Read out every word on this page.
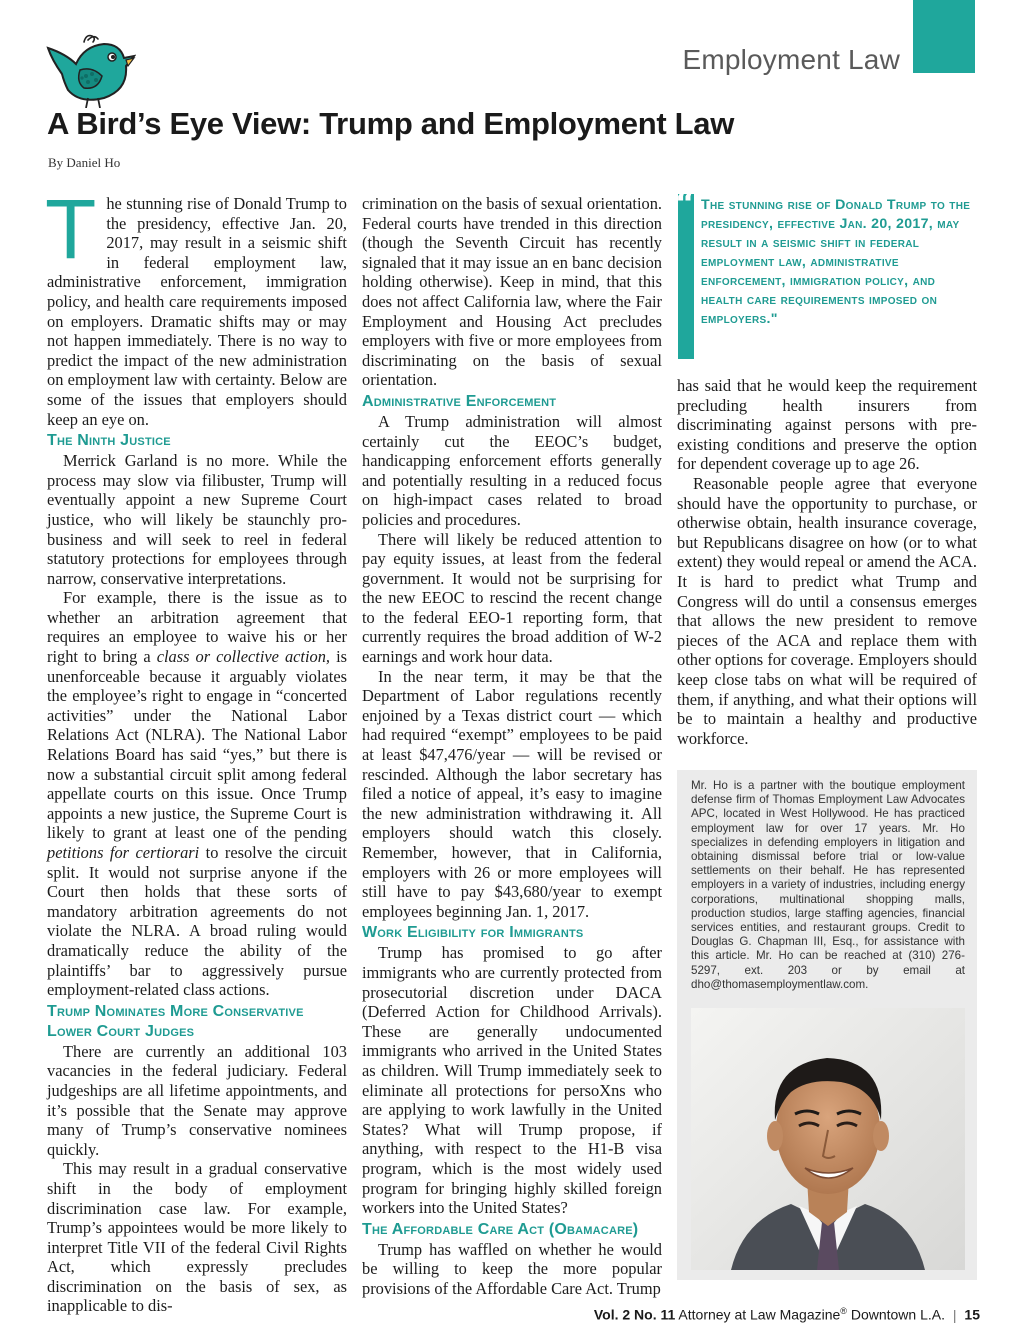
Employment Law
A Bird’s Eye View: Trump and Employment Law
By Daniel Ho

The stunning rise of Donald Trump to the presidency, effective Jan. 20, 2017, may result in a seismic shift in federal employment law, administrative enforcement, immigration policy, and health care requirements imposed on employers. Dramatic shifts may or may not happen immediately. There is no way to predict the impact of the new administration on employment law with certainty. Below are some of the issues that employers should keep an eye on.

The Ninth Justice

Merrick Garland is no more. While the process may slow via filibuster, Trump will eventually appoint a new Supreme Court justice, who will likely be staunchly pro-business and will seek to reel in federal statutory protections for employees through narrow, conservative interpretations.

For example, there is the issue as to whether an arbitration agreement that requires an employee to waive his or her right to bring a class or collective action, is unenforceable because it arguably violates the employee’s right to engage in “concerted activities” under the National Labor Relations Act (NLRA). The National Labor Relations Board has said “yes,” but there is now a substantial circuit split among federal appellate courts on this issue. Once Trump appoints a new justice, the Supreme Court is likely to grant at least one of the pending petitions for certiorari to resolve the circuit split. It would not surprise anyone if the Court then holds that these sorts of mandatory arbitration agreements do not violate the NLRA. A broad ruling would dramatically reduce the ability of the plaintiffs’ bar to aggressively pursue employment-related class actions.

Trump Nominates More Conservative Lower Court Judges

There are currently an additional 103 vacancies in the federal judiciary. Federal judgeships are all lifetime appointments, and it’s possible that the Senate may approve many of Trump’s conservative nominees quickly.

This may result in a gradual conservative shift in the body of employment discrimination case law. For example, Trump’s appointees would be more likely to interpret Title VII of the federal Civil Rights Act, which expressly precludes discrimination on the basis of sex, as inapplicable to dis-

crimination on the basis of sexual orientation. Federal courts have trended in this direction (though the Seventh Circuit has recently signaled that it may issue an en banc decision holding otherwise). Keep in mind, that this does not affect California law, where the Fair Employment and Housing Act precludes employers with five or more employees from discriminating on the basis of sexual orientation.

Administrative Enforcement

A Trump administration will almost certainly cut the EEOC’s budget, handicapping enforcement efforts generally and potentially resulting in a reduced focus on high-impact cases related to broad policies and procedures.

There will likely be reduced attention to pay equity issues, at least from the federal government. It would not be surprising for the new EEOC to rescind the recent change to the federal EEO-1 reporting form, that currently requires the broad addition of W-2 earnings and work hour data.

In the near term, it may be that the Department of Labor regulations recently enjoined by a Texas district court — which had required “exempt” employees to be paid at least $47,476/year — will be revised or rescinded. Although the labor secretary has filed a notice of appeal, it’s easy to imagine the new administration withdrawing it. All employers should watch this closely. Remember, however, that in California, employers with 26 or more employees will still have to pay $43,680/year to exempt employees beginning Jan. 1, 2017.

Work Eligibility for Immigrants

Trump has promised to go after immigrants who are currently protected from prosecutorial discretion under DACA (Deferred Action for Childhood Arrivals). These are generally undocumented immigrants who arrived in the United States as children. Will Trump immediately seek to eliminate all protections for persoXns who are applying to work lawfully in the United States? What will Trump propose, if anything, with respect to the H1-B visa program, which is the most widely used program for bringing highly skilled foreign workers into the United States?

The Affordable Care Act (Obamacare)

Trump has waffled on whether he would be willing to keep the more popular provisions of the Affordable Care Act. Trump

“ The stunning rise of Donald Trump to the presidency, effective Jan. 20, 2017, may result in a seismic shift in federal employment law, administrative enforcement, immigration policy, and health care requirements imposed on employers."

has said that he would keep the requirement precluding health insurers from discriminating against persons with pre-existing conditions and preserve the option for dependent coverage up to age 26.

Reasonable people agree that everyone should have the opportunity to purchase, or otherwise obtain, health insurance coverage, but Republicans disagree on how (or to what extent) they would repeal or amend the ACA. It is hard to predict what Trump and Congress will do until a consensus emerges that allows the new president to remove pieces of the ACA and replace them with other options for coverage. Employers should keep close tabs on what will be required of them, if anything, and what their options will be to maintain a healthy and productive workforce.

Mr. Ho is a partner with the boutique employment defense firm of Thomas Employment Law Advocates APC, located in West Hollywood. He has practiced employment law for over 17 years. Mr. Ho specializes in defending employers in litigation and obtaining dismissal before trial or low-value settlements on their behalf. He has represented employers in a variety of industries, including energy corporations, multinational shopping malls, production studios, large staffing agencies, financial services entities, and restaurant groups. Credit to Douglas G. Chapman III, Esq., for assistance with this article. Mr. Ho can be reached at (310) 276-5297, ext. 203 or by email at dho@thomasemploymentlaw.com.

Vol. 2 No. 11 Attorney at Law Magazine® Downtown L.A. | 15
